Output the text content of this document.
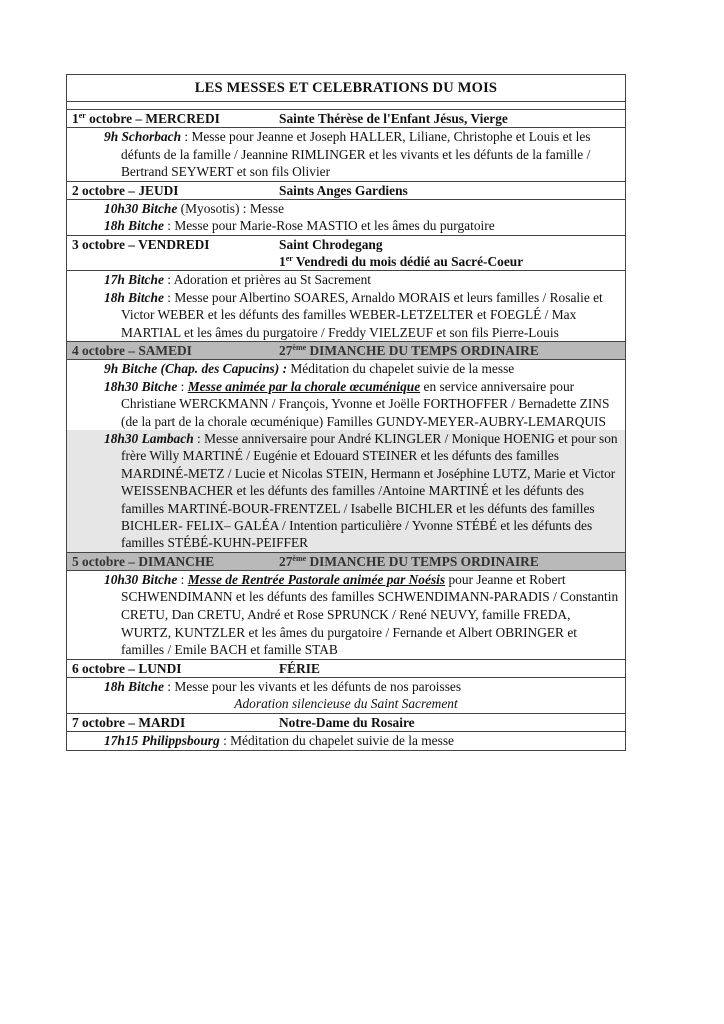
LES MESSES ET CELEBRATIONS DU MOIS
1er octobre – MERCREDI	Sainte Thérèse de l'Enfant Jésus, Vierge
9h Schorbach : Messe pour Jeanne et Joseph HALLER, Liliane, Christophe et Louis et les défunts de la famille / Jeannine RIMLINGER et les vivants et les défunts de la famille / Bertrand SEYWERT et son fils Olivier
2 octobre – JEUDI	Saints Anges Gardiens
10h30 Bitche (Myosotis) : Messe
18h Bitche : Messe pour Marie-Rose MASTIO et les âmes du purgatoire
3 octobre – VENDREDI	Saint Chrodegang
1er Vendredi du mois dédié au Sacré-Coeur
17h Bitche : Adoration et prières au St Sacrement
18h Bitche : Messe pour Albertino SOARES, Arnaldo MORAIS et leurs familles / Rosalie et Victor WEBER et les défunts des familles WEBER-LETZELTER et FOEGLÉ / Max MARTIAL et les âmes du purgatoire / Freddy VIELZEUF et son fils Pierre-Louis
4 octobre – SAMEDI	27ème DIMANCHE DU TEMPS ORDINAIRE
9h Bitche (Chap. des Capucins) : Méditation du chapelet suivie de la messe
18h30 Bitche : Messe animée par la chorale œcuménique en service anniversaire pour Christiane WERCKMANN / François, Yvonne et Joëlle FORTHOFFER / Bernadette ZINS (de la part de la chorale œcuménique) Familles GUNDY-MEYER-AUBRY-LEMARQUIS
18h30 Lambach : Messe anniversaire pour André KLINGLER / Monique HOENIG et pour son frère Willy MARTINÉ / Eugénie et Edouard STEINER et les défunts des familles MARDINÉ-METZ / Lucie et Nicolas STEIN, Hermann et Joséphine LUTZ, Marie et Victor WEISSENBACHER et les défunts des familles /Antoine MARTINÉ et les défunts des familles MARTINÉ-BOUR-FRENTZEL / Isabelle BICHLER et les défunts des familles BICHLER- FELIX– GALÉA / Intention particulière / Yvonne STÉBÉ et les défunts des familles STÉBÉ-KUHN-PEIFFER
5 octobre – DIMANCHE	27ème DIMANCHE DU TEMPS ORDINAIRE
10h30 Bitche : Messe de Rentrée Pastorale animée par Noésis pour Jeanne et Robert SCHWENDIMANN et les défunts des familles SCHWENDIMANN-PARADIS / Constantin CRETU, Dan CRETU, André et Rose SPRUNCK / René NEUVY, famille FREDA, WURTZ, KUNTZLER et les âmes du purgatoire / Fernande et Albert OBRINGER et familles / Emile BACH et famille STAB
6 octobre – LUNDI	FÉRIE
18h Bitche : Messe pour les vivants et les défunts de nos paroisses
Adoration silencieuse du Saint Sacrement
7 octobre – MARDI	Notre-Dame du Rosaire
17h15 Philippsbourg : Méditation du chapelet suivie de la messe
